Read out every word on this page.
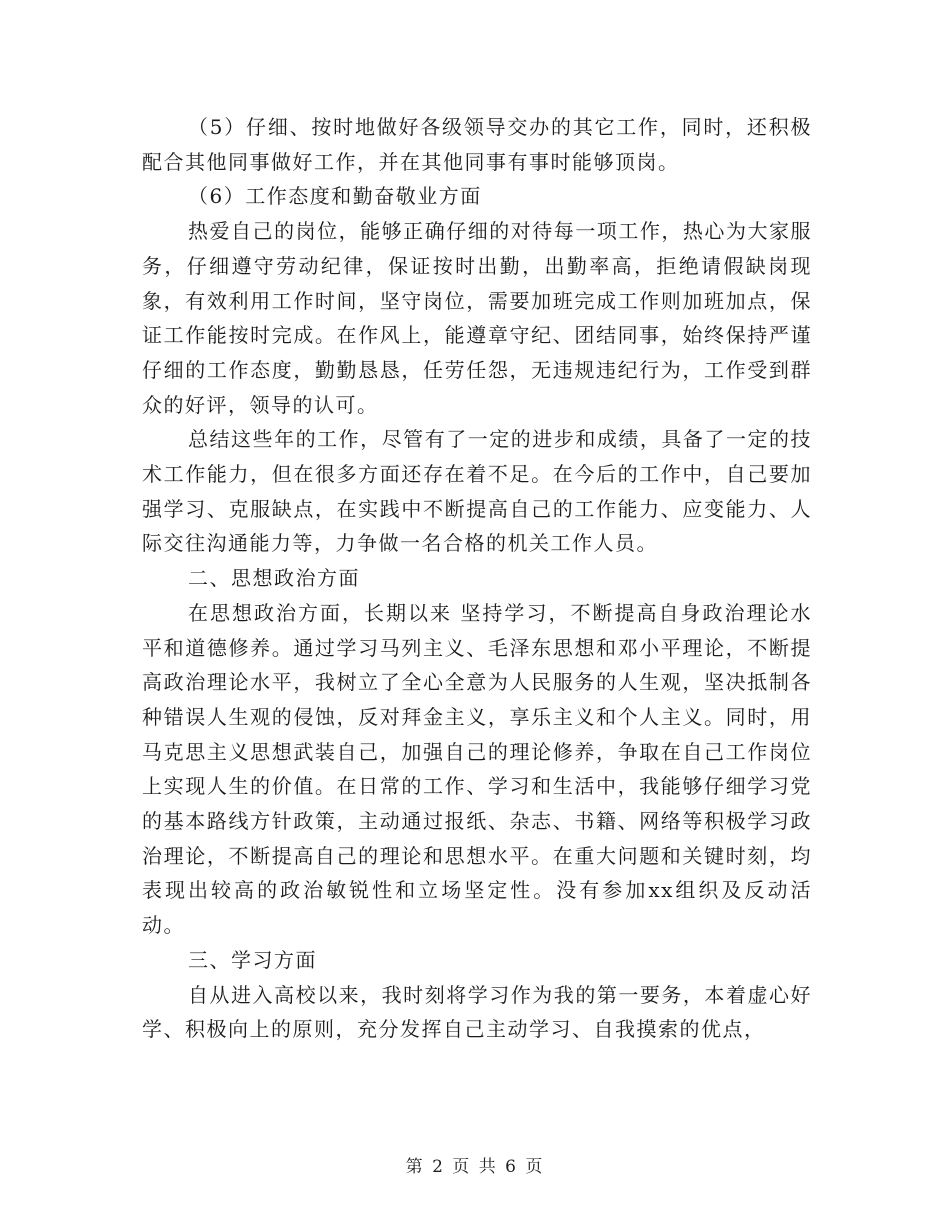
（5）仔细、按时地做好各级领导交办的其它工作，同时，还积极配合其他同事做好工作，并在其他同事有事时能够顶岗。

（6）工作态度和勤奋敬业方面

热爱自己的岗位，能够正确仔细的对待每一项工作，热心为大家服务，仔细遵守劳动纪律，保证按时出勤，出勤率高，拒绝请假缺岗现象，有效利用工作时间，坚守岗位，需要加班完成工作则加班加点，保证工作能按时完成。在作风上，能遵章守纪、团结同事，始终保持严谨仔细的工作态度，勤勤恳恳，任劳任怨，无违规违纪行为，工作受到群众的好评，领导的认可。

总结这些年的工作，尽管有了一定的进步和成绩，具备了一定的技术工作能力，但在很多方面还存在着不足。在今后的工作中，自己要加强学习、克服缺点，在实践中不断提高自己的工作能力、应变能力、人际交往沟通能力等，力争做一名合格的机关工作人员。

二、思想政治方面

在思想政治方面，长期以来 坚持学习，不断提高自身政治理论水平和道德修养。通过学习马列主义、毛泽东思想和邓小平理论，不断提高政治理论水平，我树立了全心全意为人民服务的人生观，坚决抵制各种错误人生观的侵蚀，反对拜金主义，享乐主义和个人主义。同时，用马克思主义思想武装自己，加强自己的理论修养，争取在自己工作岗位上实现人生的价值。在日常的工作、学习和生活中，我能够仔细学习党的基本路线方针政策，主动通过报纸、杂志、书籍、网络等积极学习政治理论，不断提高自己的理论和思想水平。在重大问题和关键时刻，均表现出较高的政治敏锐性和立场坚定性。没有参加xx组织及反动活动。

三、学习方面

自从进入高校以来，我时刻将学习作为我的第一要务，本着虚心好学、积极向上的原则，充分发挥自己主动学习、自我摸索的优点，

第 2 页 共 6 页
